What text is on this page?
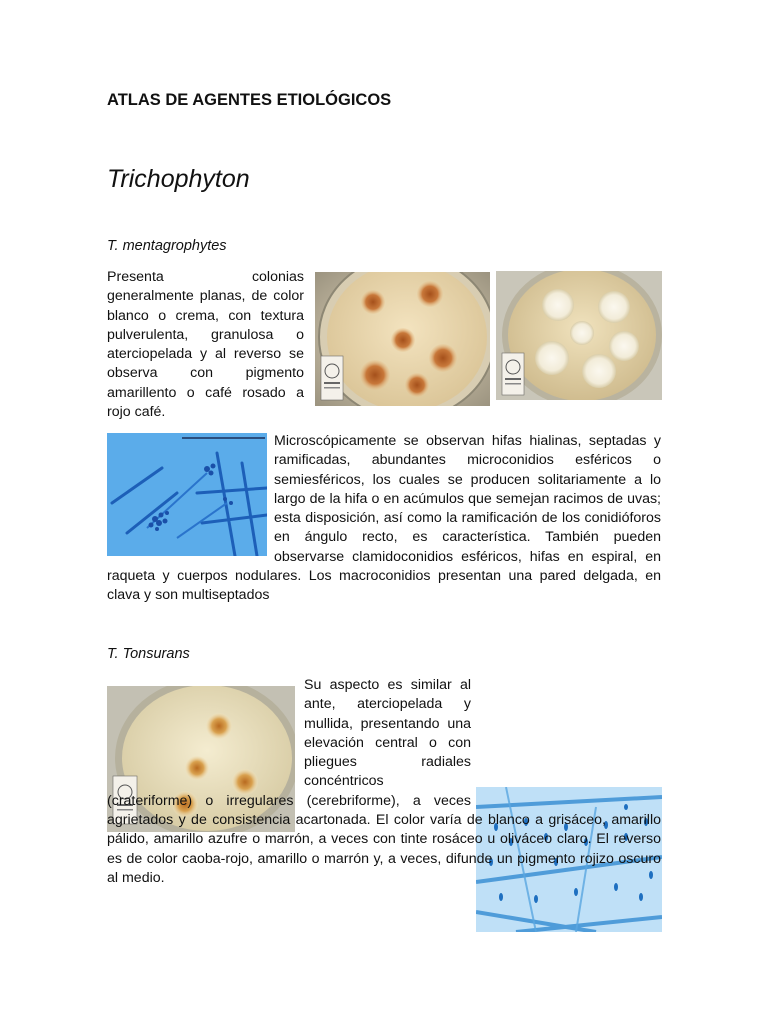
ATLAS DE AGENTES ETIOLÓGICOS
Trichophyton
T. mentagrophytes

Presenta colonias generalmente planas, de color blanco o crema, con textura pulverulenta, granulosa o aterciopelada y al reverso se observa con pigmento amarillento o café rosado a rojo café.

Microscópicamente se observan hifas hialinas, septadas y ramificadas, abundantes microconidios esféricos o semiesféricos, los cuales se producen solitariamente a lo largo de la hifa o en acúmulos que semejan racimos de uvas; esta disposición, así como la ramificación de los conidióforos en ángulo recto, es característica. También pueden observarse clamidoconidios esféricos, hifas en espiral, en raqueta y cuerpos nodulares. Los macroconidios presentan una pared delgada, en clava y son multiseptados

T. Tonsurans

Su aspecto es similar al ante, aterciopelada y mullida, presentando una elevación central o con pliegues radiales concéntricos (crateriforme) o irregulares (cerebriforme), a veces agrietados y de consistencia acartonada. El color varía de blanco a grisáceo, amarillo pálido, amarillo azufre o marrón, a veces con tinte rosáceo u oliváceo claro. El reverso es de color caoba-rojo, amarillo o marrón y, a veces, difunde un pigmento rojizo oscuro al medio.
